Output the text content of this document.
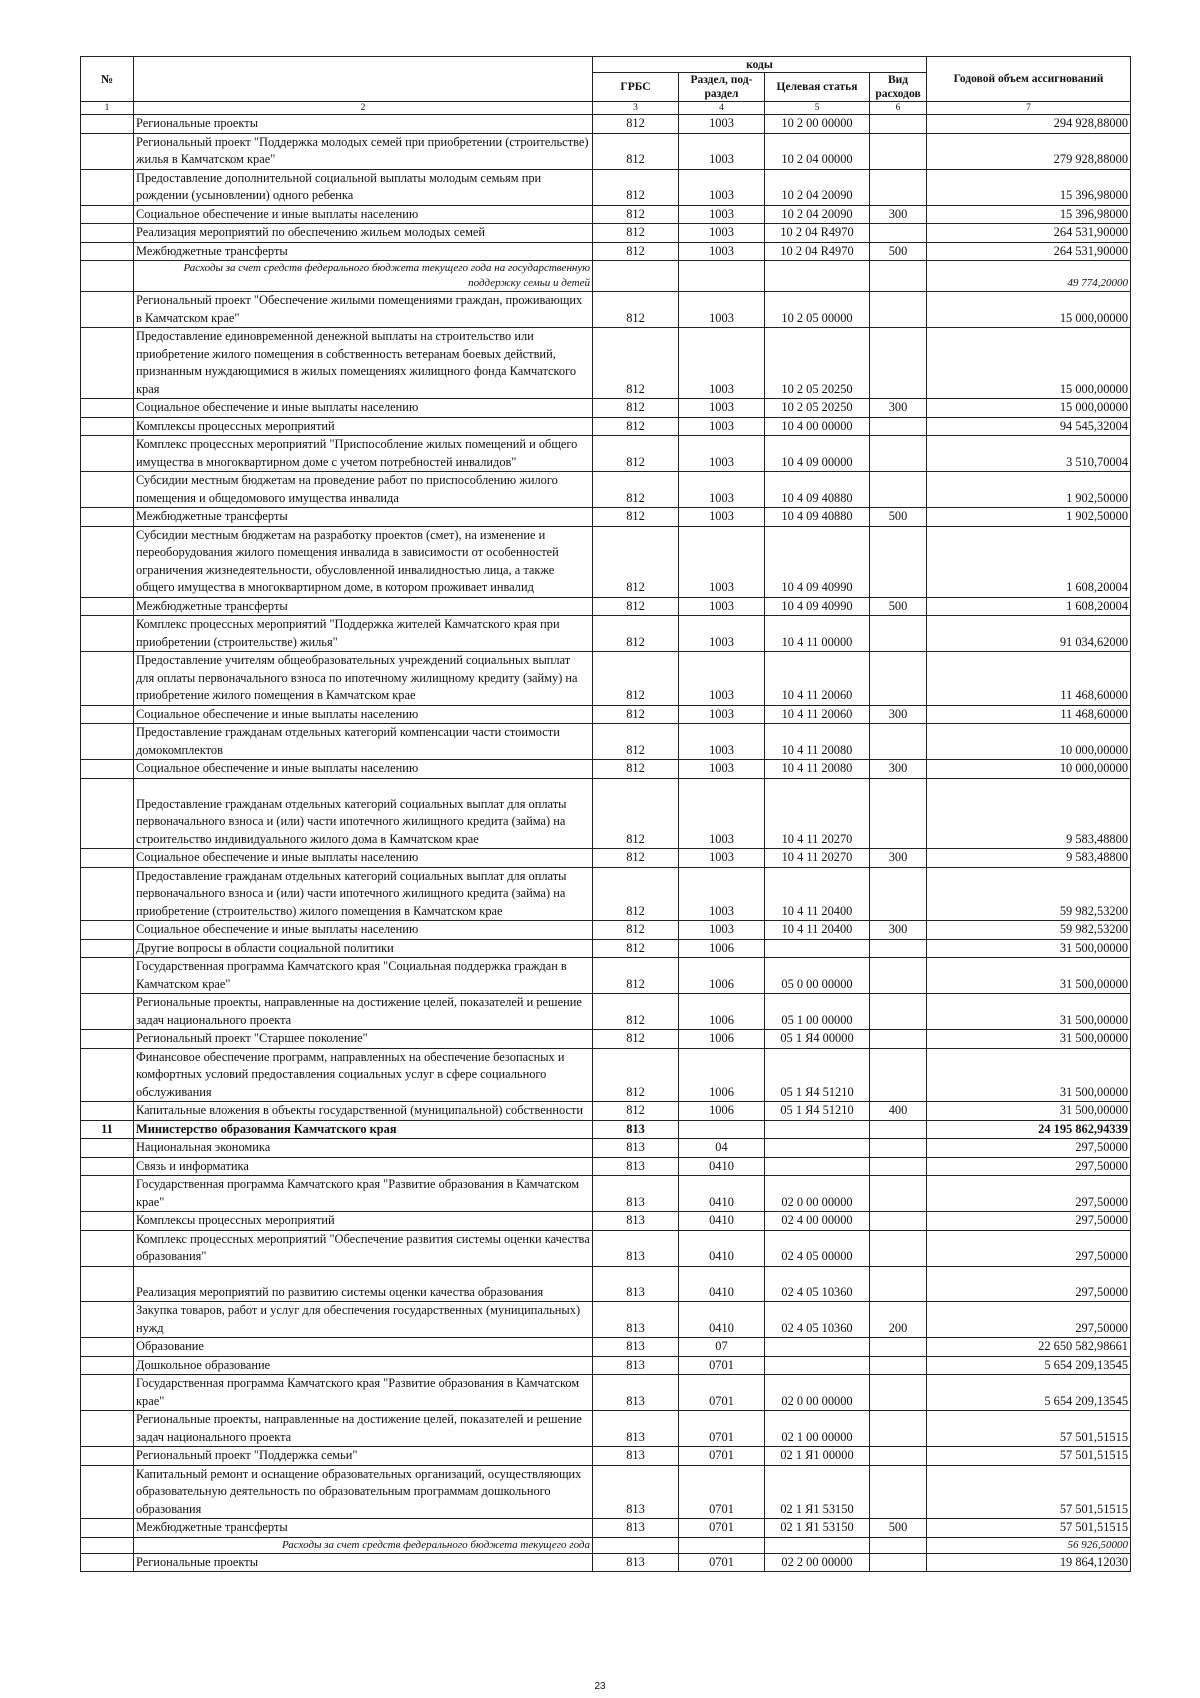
№		коды				Годовой объем ассигнований
		ГРБС	Раздел, под-раздел	Целевая статья	Вид расходов	
1	2	3	4	5	6	7
	Региональные проекты	812	1003	10 2 00 00000		294 928,88000
	Региональный проект "Поддержка молодых семей при приобретении (строительстве) жилья в Камчатском крае"	812	1003	10 2 04 00000		279 928,88000
	Предоставление дополнительной социальной выплаты молодым семьям при рождении (усыновлении) одного ребенка	812	1003	10 2 04 20090		15 396,98000
	Социальное обеспечение и иные выплаты населению	812	1003	10 2 04 20090	300	15 396,98000
	Реализация мероприятий по обеспечению жильем молодых семей	812	1003	10 2 04 R4970		264 531,90000
	Межбюджетные трансферты	812	1003	10 2 04 R4970	500	264 531,90000
	Расходы за счет средств федерального бюджета текущего года на государственную поддержку семьи и детей					49 774,20000
	Региональный проект "Обеспечение жилыми помещениями граждан, проживающих в Камчатском крае"	812	1003	10 2 05 00000		15 000,00000
	Предоставление единовременной денежной выплаты на строительство или приобретение жилого помещения в собственность ветеранам боевых действий, признанным нуждающимися в жилых помещениях жилищного фонда Камчатского края	812	1003	10 2 05 20250		15 000,00000
	Социальное обеспечение и иные выплаты населению	812	1003	10 2 05 20250	300	15 000,00000
	Комплексы процессных мероприятий	812	1003	10 4 00 00000		94 545,32004
	Комплекс процессных мероприятий "Приспособление жилых помещений и общего имущества в многоквартирном доме с учетом потребностей инвалидов"	812	1003	10 4 09 00000		3 510,70004
	Субсидии местным бюджетам на проведение работ по приспособлению жилого помещения и общедомового имущества инвалида	812	1003	10 4 09 40880		1 902,50000
	Межбюджетные трансферты	812	1003	10 4 09 40880	500	1 902,50000
	Субсидии местным бюджетам на разработку проектов (смет), на изменение и переоборудования жилого помещения инвалида в зависимости от особенностей ограничения жизнедеятельности, обусловленной инвалидностью лица, а также общего имущества в многоквартирном доме, в котором проживает инвалид	812	1003	10 4 09 40990		1 608,20004
	Межбюджетные трансферты	812	1003	10 4 09 40990	500	1 608,20004
	Комплекс процессных мероприятий "Поддержка жителей Камчатского края при приобретении (строительстве) жилья"	812	1003	10 4 11 00000		91 034,62000
	Предоставление учителям общеобразовательных учреждений социальных выплат для оплаты первоначального взноса по ипотечному жилищному кредиту (займу) на приобретение жилого помещения в Камчатском крае	812	1003	10 4 11 20060		11 468,60000
	Социальное обеспечение и иные выплаты населению	812	1003	10 4 11 20060	300	11 468,60000
	Предоставление гражданам отдельных категорий компенсации части стоимости домокомплектов	812	1003	10 4 11 20080		10 000,00000
	Социальное обеспечение и иные выплаты населению	812	1003	10 4 11 20080	300	10 000,00000
	Предоставление гражданам отдельных категорий социальных выплат для оплаты первоначального взноса и (или) части ипотечного жилищного кредита (займа) на строительство индивидуального жилого дома в Камчатском крае	812	1003	10 4 11 20270		9 583,48800
	Социальное обеспечение и иные выплаты населению	812	1003	10 4 11 20270	300	9 583,48800
	Предоставление гражданам отдельных категорий социальных выплат для оплаты первоначального взноса и (или) части ипотечного жилищного кредита (займа) на приобретение (строительство) жилого помещения в Камчатском крае	812	1003	10 4 11 20400		59 982,53200
	Социальное обеспечение и иные выплаты населению	812	1003	10 4 11 20400	300	59 982,53200
	Другие вопросы в области социальной политики	812	1006			31 500,00000
	Государственная программа Камчатского края "Социальная поддержка граждан в Камчатском крае"	812	1006	05 0 00 00000		31 500,00000
	Региональные проекты, направленные на достижение целей, показателей и решение задач национального проекта	812	1006	05 1 00 00000		31 500,00000
	Региональный проект "Старшее поколение"	812	1006	05 1 Я4 00000		31 500,00000
	Финансовое обеспечение программ, направленных на обеспечение безопасных и комфортных условий предоставления социальных услуг в сфере социального обслуживания	812	1006	05 1 Я4 51210		31 500,00000
	Капитальные вложения в объекты государственной (муниципальной) собственности	812	1006	05 1 Я4 51210	400	31 500,00000
11	Министерство образования Камчатского края	813				24 195 862,94339
	Национальная экономика	813	04			297,50000
	Связь и информатика	813	0410			297,50000
	Государственная программа Камчатского края "Развитие образования в Камчатском крае"	813	0410	02 0 00 00000		297,50000
	Комплексы процессных мероприятий	813	0410	02 4 00 00000		297,50000
	Комплекс процессных мероприятий "Обеспечение развития системы оценки качества образования"	813	0410	02 4 05 00000		297,50000
	Реализация мероприятий по развитию системы оценки качества образования	813	0410	02 4 05 10360		297,50000
	Закупка товаров, работ и услуг для обеспечения государственных (муниципальных) нужд	813	0410	02 4 05 10360	200	297,50000
	Образование	813	07			22 650 582,98661
	Дошкольное образование	813	0701			5 654 209,13545
	Государственная программа Камчатского края "Развитие образования в Камчатском крае"	813	0701	02 0 00 00000		5 654 209,13545
	Региональные проекты, направленные на достижение целей, показателей и решение задач национального проекта	813	0701	02 1 00 00000		57 501,51515
	Региональный проект "Поддержка семьи"	813	0701	02 1 Я1 00000		57 501,51515
	Капитальный ремонт и оснащение образовательных организаций, осуществляющих образовательную деятельность по образовательным программам дошкольного образования	813	0701	02 1 Я1 53150		57 501,51515
	Межбюджетные трансферты	813	0701	02 1 Я1 53150	500	57 501,51515
	Расходы за счет средств федерального бюджета текущего года					56 926,50000
	Региональные проекты	813	0701	02 2 00 00000		19 864,12030
23
